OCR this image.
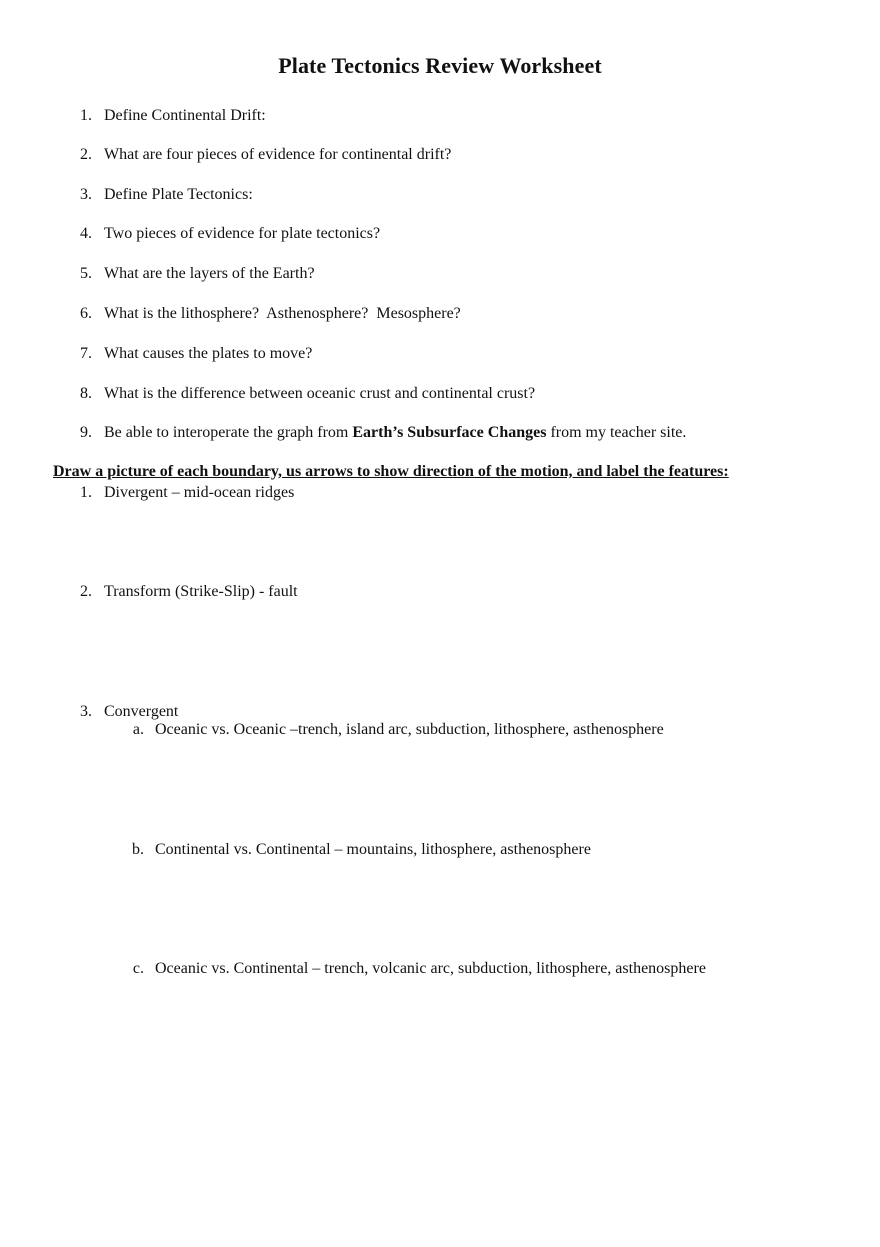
Plate Tectonics Review Worksheet
1. Define Continental Drift:
2. What are four pieces of evidence for continental drift?
3. Define Plate Tectonics:
4. Two pieces of evidence for plate tectonics?
5. What are the layers of the Earth?
6. What is the lithosphere?  Asthenosphere?  Mesosphere?
7. What causes the plates to move?
8. What is the difference between oceanic crust and continental crust?
9. Be able to interoperate the graph from Earth’s Subsurface Changes from my teacher site.
Draw a picture of each boundary, us arrows to show direction of the motion, and label the features:
1. Divergent – mid-ocean ridges
2. Transform (Strike-Slip) - fault
3. Convergent
a. Oceanic vs. Oceanic –trench, island arc, subduction, lithosphere, asthenosphere
b. Continental vs. Continental – mountains, lithosphere, asthenosphere
c. Oceanic vs. Continental – trench, volcanic arc, subduction, lithosphere, asthenosphere
